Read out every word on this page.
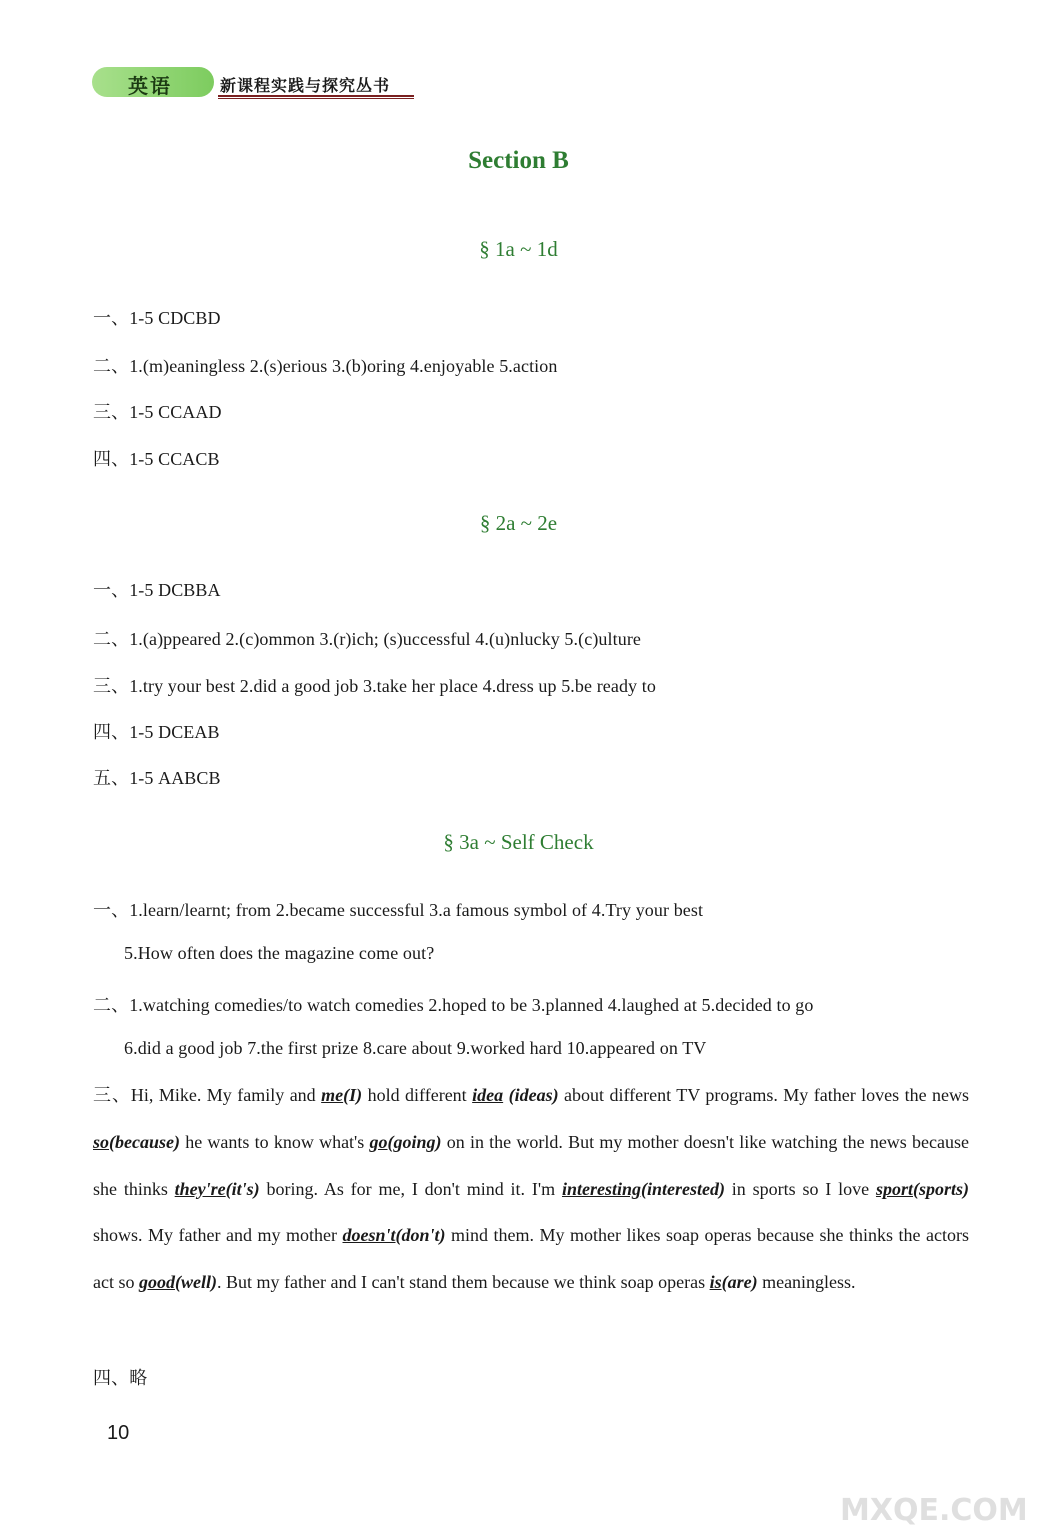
英语	新课程实践与探究丛书
Section B
§ 1a ~ 1d
一、1-5 CDCBD
二、1.(m)eaningless 2.(s)erious 3.(b)oring 4.enjoyable 5.action
三、1-5 CCAAD
四、1-5 CCACB
§ 2a ~ 2e
一、1-5 DCBBA
二、1.(a)ppeared 2.(c)ommon 3.(r)ich; (s)uccessful 4.(u)nlucky 5.(c)ulture
三、1.try your best 2.did a good job 3.take her place 4.dress up 5.be ready to
四、1-5 DCEAB
五、1-5 AABCB
§ 3a ~ Self Check
一、1.learn/learnt; from 2.became successful 3.a famous symbol of 4.Try your best
5.How often does the magazine come out?
二、1.watching comedies/to watch comedies 2.hoped to be 3.planned 4.laughed at 5.decided to go
6.did a good job 7.the first prize 8.care about 9.worked hard 10.appeared on TV
三、Hi, Mike. My family and me(I) hold different idea (ideas) about different TV programs. My father loves the news so(because) he wants to know what's go(going) on in the world. But my mother doesn't like watching the news because she thinks they're(it's) boring. As for me, I don't mind it. I'm interesting(interested) in sports so I love sport(sports) shows. My father and my mother doesn't(don't) mind them. My mother likes soap operas because she thinks the actors act so good(well). But my father and I can't stand them because we think soap operas is(are) meaningless.
四、略
10
MXQE.COM
